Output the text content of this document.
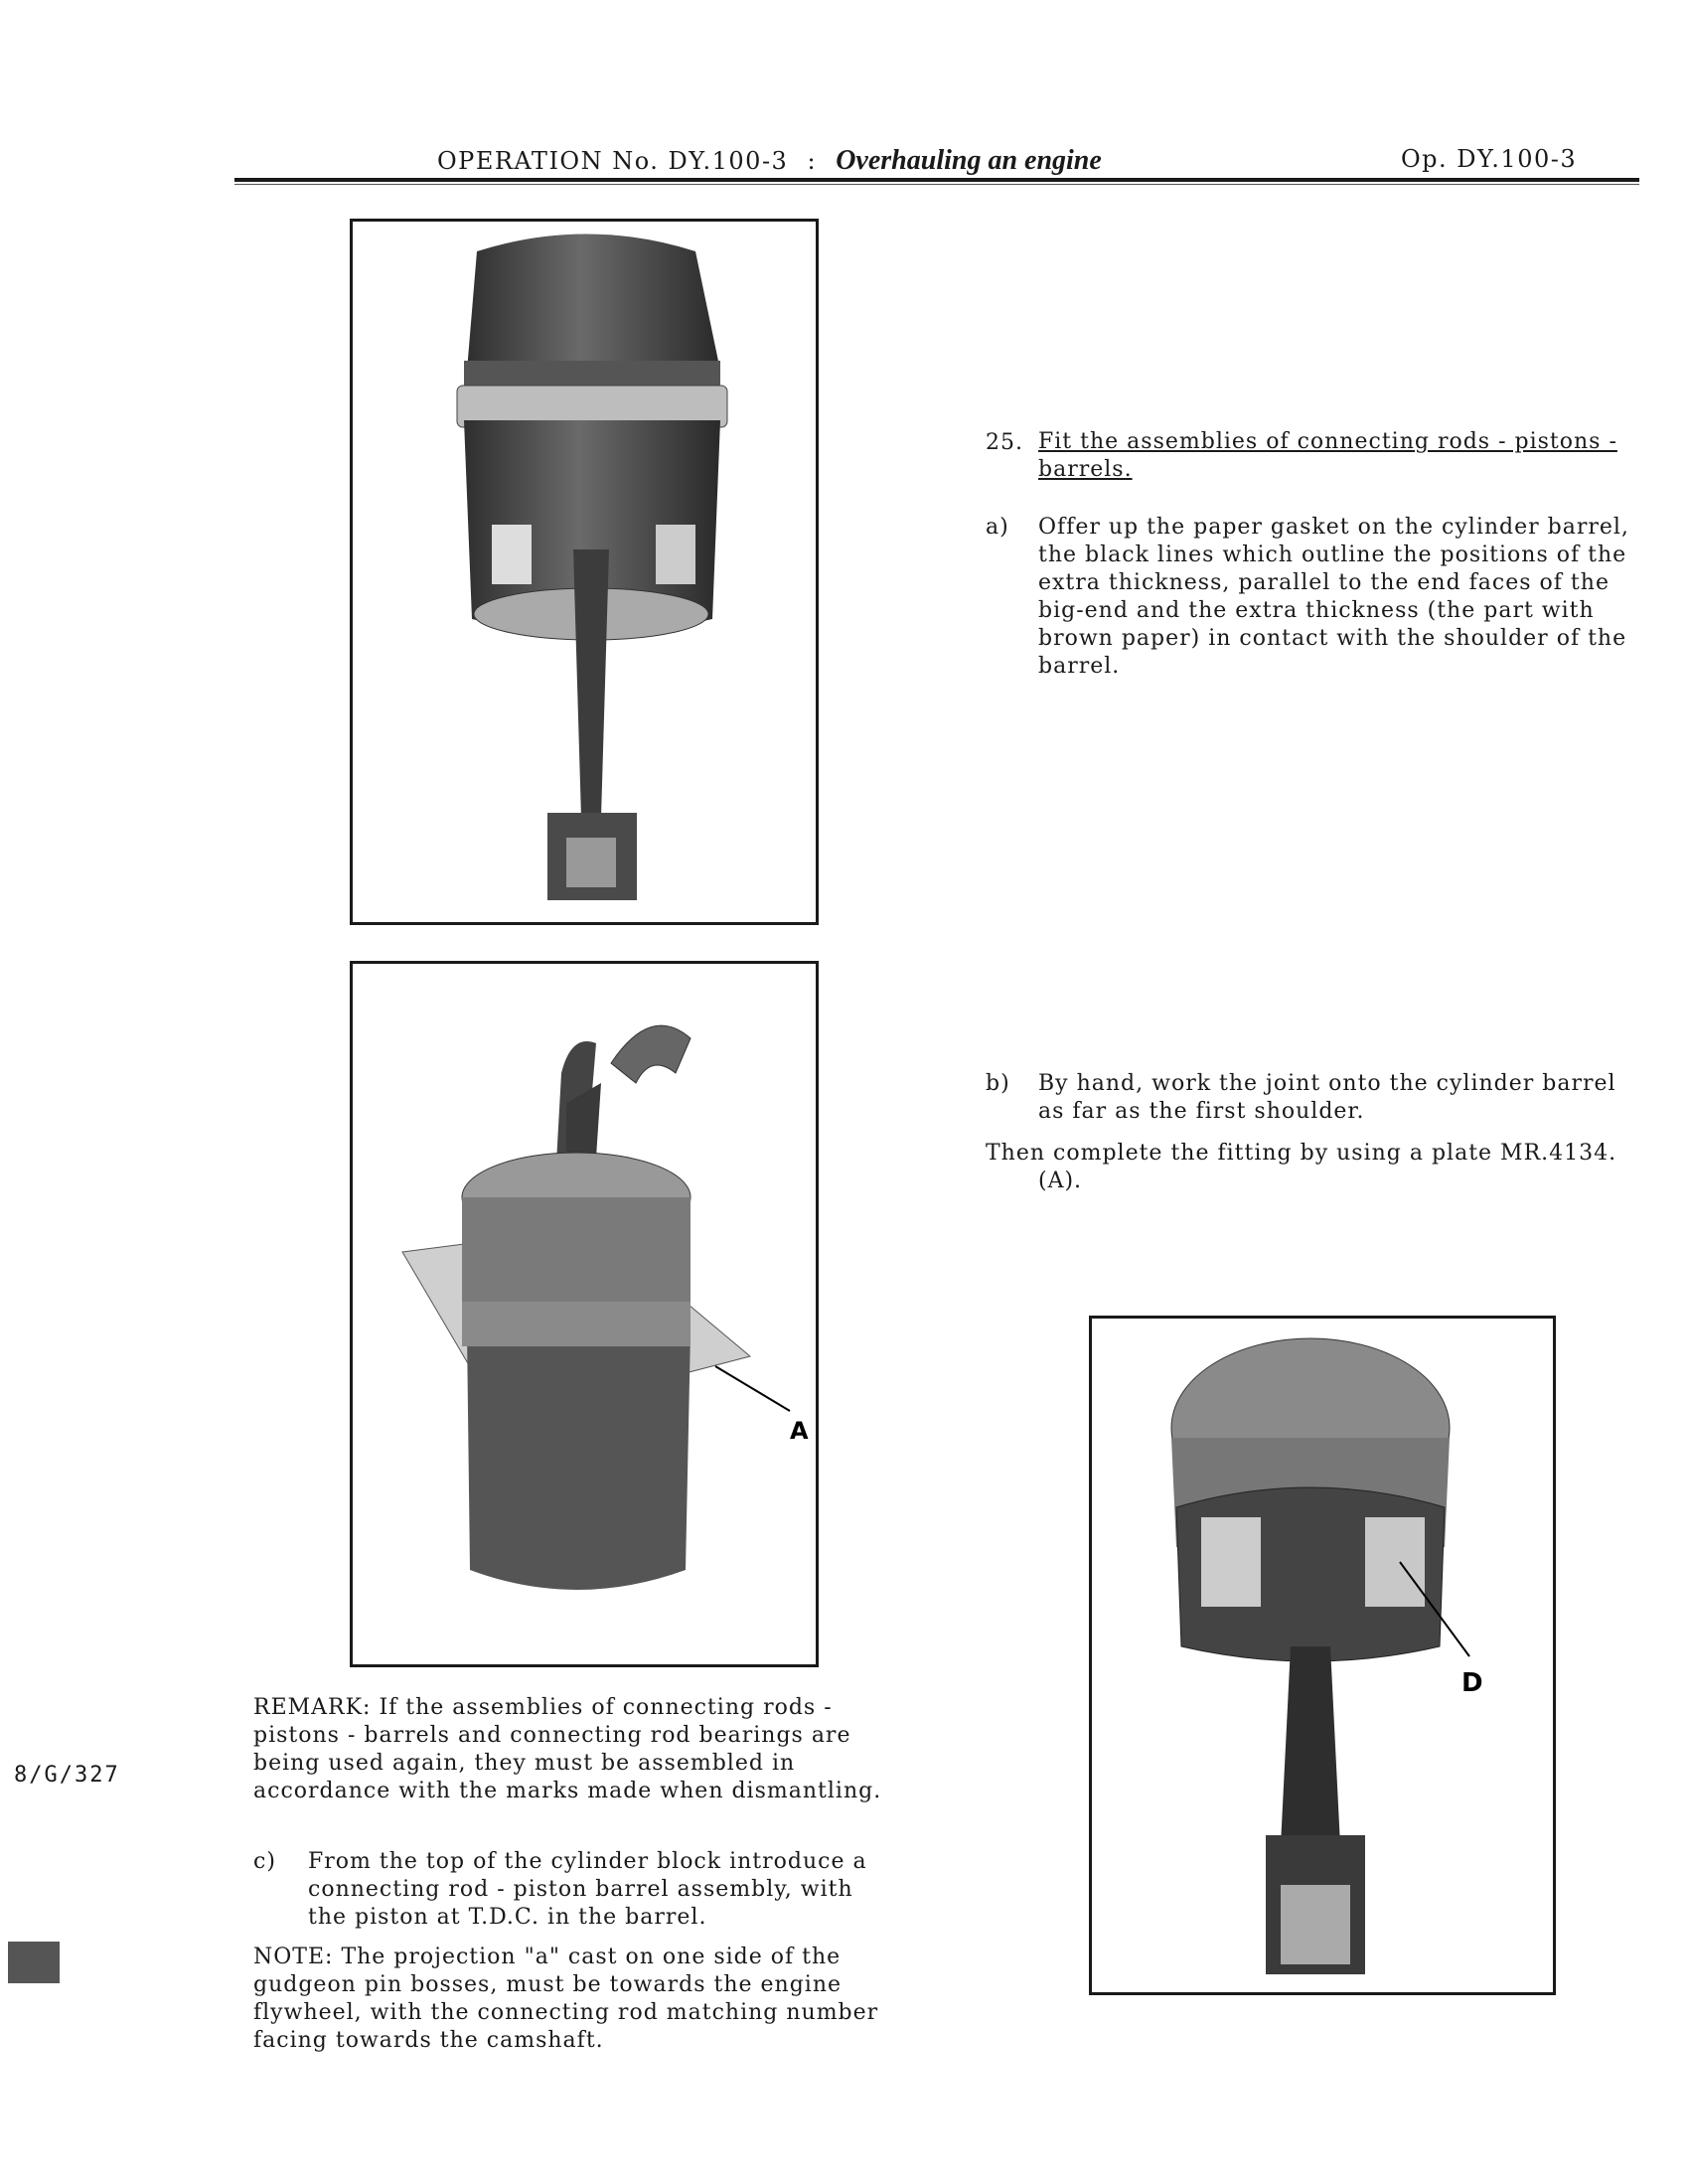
OPERATION No. DY.100-3 : Overhauling an engine	Op. DY.100-3
A
D
25. Fit the assemblies of connecting rods - pistons - barrels.
a) Offer up the paper gasket on the cylinder barrel, the black lines which outline the positions of the extra thickness, parallel to the end faces of the big-end and the extra thickness (the part with brown paper) in contact with the shoulder of the barrel.
b) By hand, work the joint onto the cylinder barrel as far as the first shoulder.
Then complete the fitting by using a plate MR.4134.
(A).
REMARK: If the assemblies of connecting rods - pistons - barrels and connecting rod bearings are being used again, they must be assembled in accordance with the marks made when dismantling.
c) From the top of the cylinder block introduce a connecting rod - piston barrel assembly, with the piston at T.D.C. in the barrel.
NOTE: The projection "a" cast on one side of the gudgeon pin bosses, must be towards the engine flywheel, with the connecting rod matching number facing towards the camshaft.
8/G/327
